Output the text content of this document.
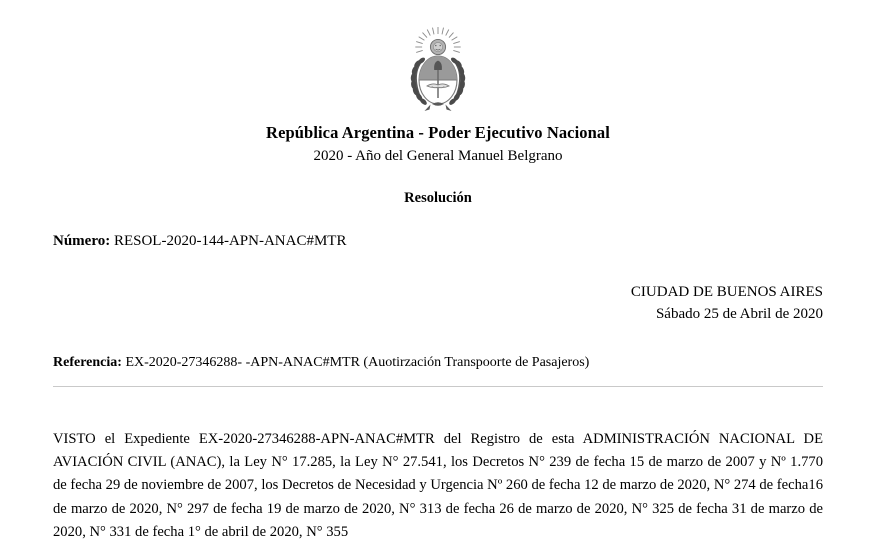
República Argentina - Poder Ejecutivo Nacional
2020 - Año del General Manuel Belgrano
Resolución
Número: RESOL-2020-144-APN-ANAC#MTR
CIUDAD DE BUENOS AIRES
Sábado 25 de Abril de 2020
Referencia: EX-2020-27346288- -APN-ANAC#MTR (Auotirzación Transpoorte de Pasajeros)

VISTO el Expediente EX-2020-27346288-APN-ANAC#MTR del Registro de esta ADMINISTRACIÓN NACIONAL DE AVIACIÓN CIVIL (ANAC), la Ley N° 17.285, la Ley N° 27.541, los Decretos N° 239 de fecha 15 de marzo de 2007 y Nº 1.770 de fecha 29 de noviembre de 2007, los Decretos de Necesidad y Urgencia Nº 260 de fecha 12 de marzo de 2020, N° 274 de fecha16 de marzo de 2020, N° 297 de fecha 19 de marzo de 2020, N° 313 de fecha 26 de marzo de 2020, N° 325 de fecha 31 de marzo de 2020, N° 331 de fecha 1° de abril de 2020, N° 355
